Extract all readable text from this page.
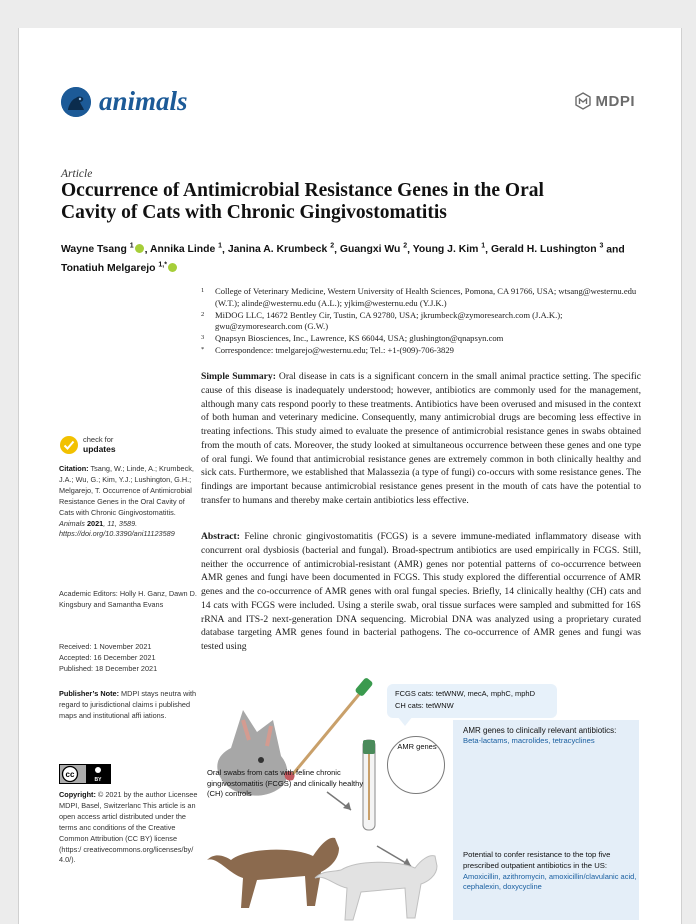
animals	MDPI
Article
Occurrence of Antimicrobial Resistance Genes in the Oral Cavity of Cats with Chronic Gingivostomatitis
Wayne Tsang $^1$ , Annika Linde $^1$, Janina A. Krumbeck $^2$, Guangxi Wu $^2$, Young J. Kim $^1$, Gerald H. Lushington $^3$ and Tonatiuh Melgarejo $^{1,*}$
1	College of Veterinary Medicine, Western University of Health Sciences, Pomona, CA 91766, USA; wtsang@westernu.edu (W.T.); alinde@westernu.edu (A.L.); yjkim@westernu.edu (Y.J.K.)
2	MiDOG LLC, 14672 Bentley Cir, Tustin, CA 92780, USA; jkrumbeck@zymoresearch.com (J.A.K.); gwu@zymoresearch.com (G.W.)
3	Qnapsyn Biosciences, Inc., Lawrence, KS 66044, USA; glushington@qnapsyn.com
*	Correspondence: tmelgarejo@westernu.edu; Tel.: +1-(909)-706-3829
Simple Summary: Oral disease in cats is a significant concern in the small animal practice setting. The specific cause of this disease is inadequately understood; however, antibiotics are commonly used for the management, although many cats respond poorly to these treatments. Antibiotics have been overused and misused in the context of both human and veterinary medicine. Consequently, many antimicrobial drugs are becoming less effective in treating infections. This study aimed to evaluate the presence of antimicrobial resistance genes in swabs obtained from the mouth of cats. Moreover, the study looked at simultaneous occurrence between these genes and one type of oral fungi. We found that antimicrobial resistance genes are extremely common in both clinically healthy and sick cats. Furthermore, we established that Malassezia (a type of fungi) co-occurs with some resistance genes. The findings are important because antimicrobial resistance genes present in the mouth of cats have the potential to transfer to humans and thereby make certain antibiotics less effective.
Abstract: Feline chronic gingivostomatitis (FCGS) is a severe immune-mediated inflammatory disease with concurrent oral dysbiosis (bacterial and fungal). Broad-spectrum antibiotics are used empirically in FCGS. Still, neither the occurrence of antimicrobial-resistant (AMR) genes nor potential patterns of co-occurrence between AMR genes and fungi have been documented in FCGS. This study explored the differential occurrence of AMR genes and the co-occurrence of AMR genes with oral fungal species. Briefly, 14 clinically healthy (CH) cats and 14 cats with FCGS were included. Using a sterile swab, oral tissue surfaces were sampled and submitted for 16S rRNA and ITS-2 next-generation DNA sequencing. Microbial DNA was analyzed using a proprietary curated database targeting AMR genes found in bacterial pathogens. The co-occurrence of AMR genes and fungi was tested using
check for
updates
Citation: Tsang, W.; Linde, A.; Krumbeck, J.A.; Wu, G.; Kim, Y.J.; Lushington, G.H.; Melgarejo, T. Occurrence of Antimicrobial Resistance Genes in the Oral Cavity of Cats with Chronic Gingivostomatitis. Animals 2021, 11, 3589. https://doi.org/10.3390/ani11123589
Academic Editors: Holly H. Ganz, Dawn D. Kingsbury and Samantha Evans
Received: 1 November 2021
Accepted: 16 December 2021
Published: 18 December 2021
Publisher’s Note: MDPI stays neutra with regard to jurisdictional claims i published maps and institutional affi iations.
cc
BY
Copyright: © 2021 by the author Licensee MDPI, Basel, Switzerlanc This article is an open access articl distributed under the terms anc conditions of the Creative Common Attribution (CC BY) license (https:/ creativecommons.org/licenses/by/ 4.0/).
FCGS cats: tetWNW, mecA, mphC, mphD
CH cats: tetWNW
AMR genes to clinically relevant antibiotics:
Beta-lactams, macrolides, tetracyclines
Potential to confer resistance to the top five prescribed outpatient antibiotics in the US:
Amoxicillin, azithromycin, amoxicillin/clavulanic acid, cephalexin, doxycycline
AMR genes
Oral swabs from cats with feline chronic gingivostomatitis (FCGS) and clinically healthy (CH) controls
